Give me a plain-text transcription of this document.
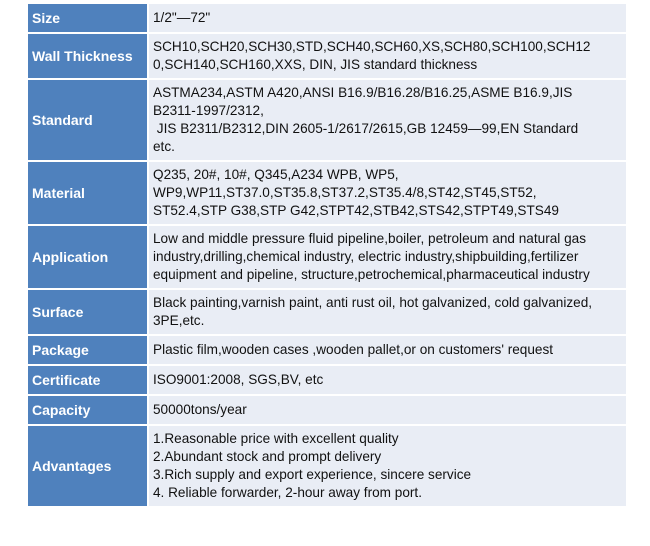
Size	1/2"—72"

Wall Thickness	SCH10,SCH20,SCH30,STD,SCH40,SCH60,XS,SCH80,SCH100,SCH12
0,SCH140,SCH160,XXS, DIN, JIS standard thickness

Standard	ASTMA234,ASTM A420,ANSI B16.9/B16.28/B16.25,ASME B16.9,JIS
B2311-1997/2312,
JIS B2311/B2312,DIN 2605-1/2617/2615,GB 12459—99,EN Standard
etc.

Material	Q235, 20#, 10#, Q345,A234 WPB, WP5,
WP9,WP11,ST37.0,ST35.8,ST37.2,ST35.4/8,ST42,ST45,ST52,
ST52.4,STP G38,STP G42,STPT42,STB42,STS42,STPT49,STS49

Application	Low and middle pressure fluid pipeline,boiler, petroleum and natural gas
industry,drilling,chemical industry, electric industry,shipbuilding,fertilizer
equipment and pipeline, structure,petrochemical,pharmaceutical industry

Surface	Black painting,varnish paint, anti rust oil, hot galvanized, cold galvanized,
3PE,etc.

Package	Plastic film,wooden cases ,wooden pallet,or on customers' request

Certificate	ISO9001:2008, SGS,BV, etc

Capacity	50000tons/year

Advantages	1.Reasonable price with excellent quality
2.Abundant stock and prompt delivery
3.Rich supply and export experience, sincere service
4. Reliable forwarder, 2-hour away from port.
